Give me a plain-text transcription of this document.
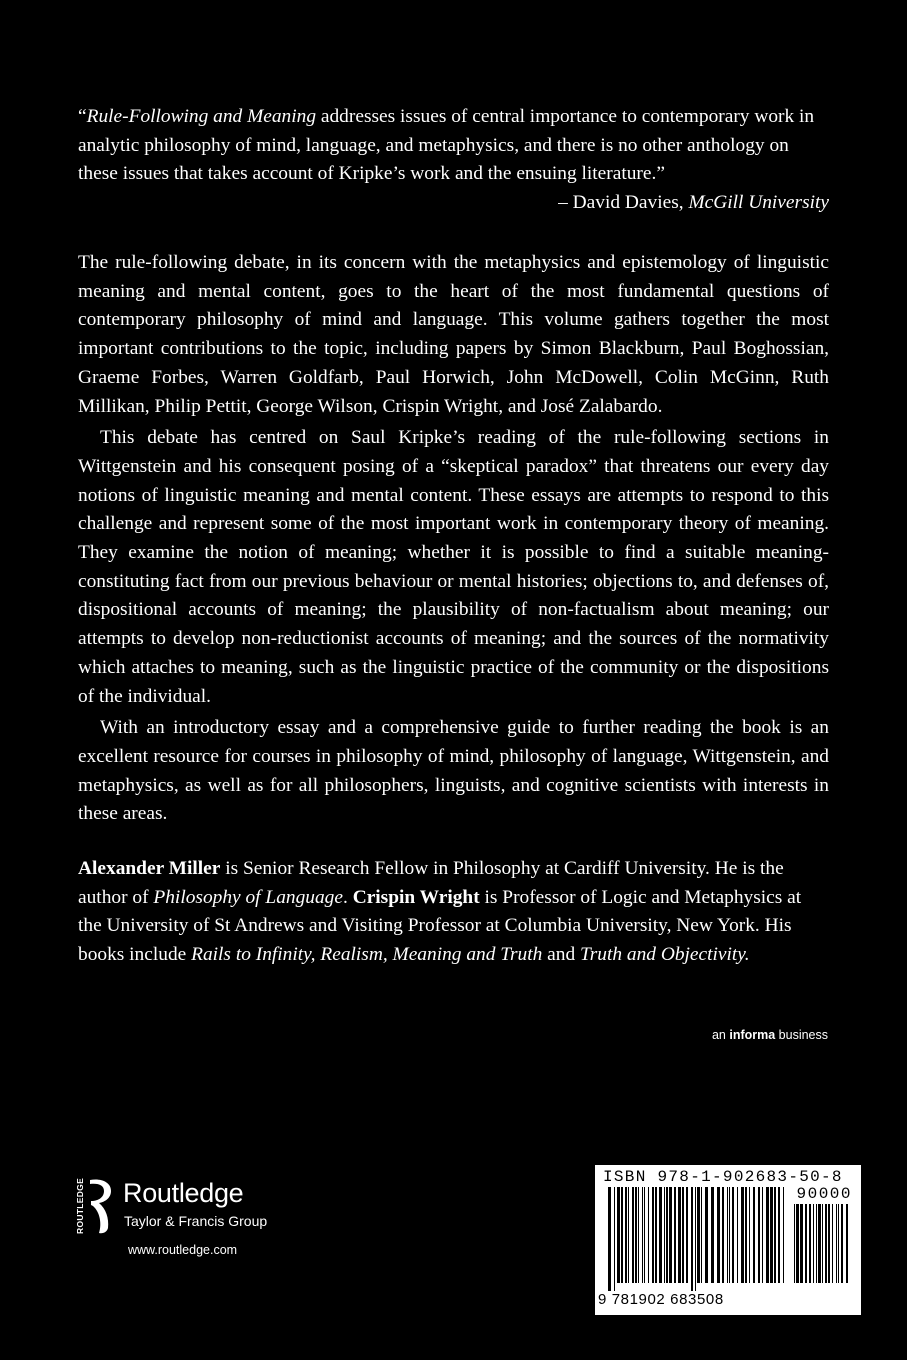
“Rule-Following and Meaning addresses issues of central importance to contemporary work in analytic philosophy of mind, language, and metaphysics, and there is no other anthology on these issues that takes account of Kripke’s work and the ensuing literature.”
– David Davies, McGill University

The rule-following debate, in its concern with the metaphysics and epistemology of linguistic meaning and mental content, goes to the heart of the most fundamental questions of contemporary philosophy of mind and language. This volume gathers together the most important contributions to the topic, including papers by Simon Blackburn, Paul Boghossian, Graeme Forbes, Warren Goldfarb, Paul Horwich, John McDowell, Colin McGinn, Ruth Millikan, Philip Pettit, George Wilson, Crispin Wright, and José Zalabardo.

This debate has centred on Saul Kripke’s reading of the rule-following sections in Wittgenstein and his consequent posing of a “skeptical paradox” that threatens our every day notions of linguistic meaning and mental content. These essays are attempts to respond to this challenge and represent some of the most important work in contemporary theory of meaning. They examine the notion of meaning; whether it is possible to find a suitable meaning-constituting fact from our previous behaviour or mental histories; objections to, and defenses of, dispositional accounts of meaning; the plausibility of non-factualism about meaning; our attempts to develop non-reductionist accounts of meaning; and the sources of the normativity which attaches to meaning, such as the linguistic practice of the community or the dispositions of the individual.

With an introductory essay and a comprehensive guide to further reading the book is an excellent resource for courses in philosophy of mind, philosophy of language, Wittgenstein, and metaphysics, as well as for all philosophers, linguists, and cognitive scientists with interests in these areas.

Alexander Miller is Senior Research Fellow in Philosophy at Cardiff University. He is the author of Philosophy of Language. Crispin Wright is Professor of Logic and Metaphysics at the University of St Andrews and Visiting Professor at Columbia University, New York. His books include Rails to Infinity, Realism, Meaning and Truth and Truth and Objectivity.
an informa business
ROUTLEDGE Routledge
Taylor & Francis Group
www.routledge.com
ISBN 978-1-902683-50-8
90000
9 781902 683508
